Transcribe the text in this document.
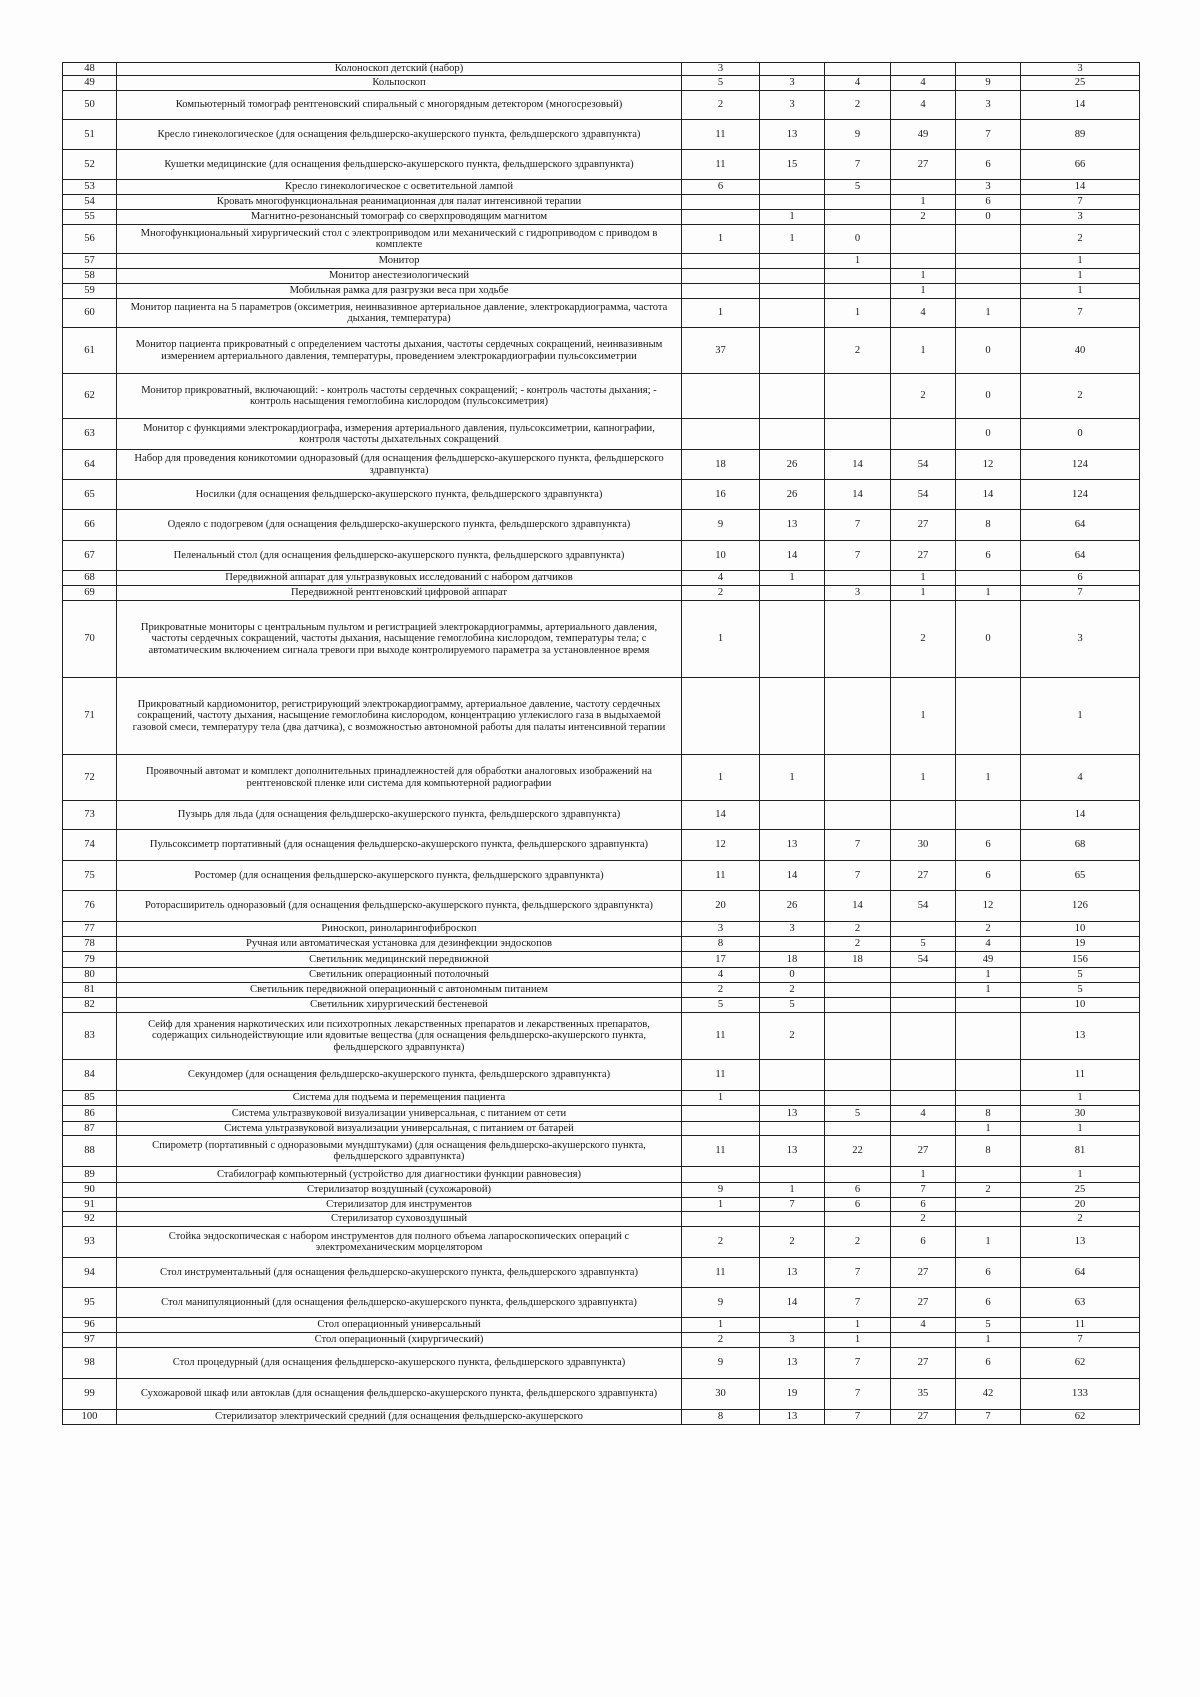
48	Колоноскоп детский (набор)	3					3
49	Кольпоскоп	5	3	4	4	9	25
50	Компьютерный томограф рентгеновский спиральный с многорядным детектором (многосрезовый)	2	3	2	4	3	14
51	Кресло гинекологическое (для оснащения фельдшерско-акушерского пункта, фельдшерского здравпункта)	11	13	9	49	7	89
52	Кушетки медицинские (для оснащения фельдшерско-акушерского пункта, фельдшерского здравпункта)	11	15	7	27	6	66
53	Кресло гинекологическое с осветительной лампой	6		5		3	14
54	Кровать многофункциональная реанимационная для палат интенсивной терапии				1	6	7
55	Магнитно-резонансный томограф со сверхпроводящим магнитом		1		2	0	3
56	Многофункциональный хирургический стол с электроприводом или механический с гидроприводом с приводом в комплекте	1	1	0			2
57	Монитор			1			1
58	Монитор анестезиологический				1		1
59	Мобильная рамка для разгрузки веса при ходьбе				1		1
60	Монитор пациента на 5 параметров (оксиметрия, неинвазивное артериальное давление, электрокардиограмма, частота дыхания, температура)	1		1	4	1	7
61	Монитор пациента прикроватный с определением частоты дыхания, частоты сердечных сокращений, неинвазивным измерением артериального давления, температуры, проведением электрокардиографии пульсоксиметрии	37		2	1	0	40
62	Монитор прикроватный, включающий: - контроль частоты сердечных сокращений; - контроль частоты дыхания; - контроль насыщения гемоглобина кислородом (пульсоксиметрия)				2	0	2
63	Монитор с функциями электрокардиографа, измерения артериального давления, пульсоксиметрии, капнографии, контроля частоты дыхательных сокращений					0	0
64	Набор для проведения коникотомии одноразовый (для оснащения фельдшерско-акушерского пункта, фельдшерского здравпункта)	18	26	14	54	12	124
65	Носилки (для оснащения фельдшерско-акушерского пункта, фельдшерского здравпункта)	16	26	14	54	14	124
66	Одеяло с подогревом (для оснащения фельдшерско-акушерского пункта, фельдшерского здравпункта)	9	13	7	27	8	64
67	Пеленальный стол (для оснащения фельдшерско-акушерского пункта, фельдшерского здравпункта)	10	14	7	27	6	64
68	Передвижной аппарат для ультразвуковых исследований с набором датчиков	4	1		1		6
69	Передвижной рентгеновский цифровой аппарат	2		3	1	1	7
70	Прикроватные мониторы с центральным пультом и регистрацией электрокардиограммы, артериального давления, частоты сердечных сокращений, частоты дыхания, насыщение гемоглобина кислородом, температуры тела; с автоматическим включением сигнала тревоги при выходе контролируемого параметра за установленное время	1			2	0	3
71	Прикроватный кардиомонитор, регистрирующий электрокардиограмму, артериальное давление, частоту сердечных сокращений, частоту дыхания, насыщение гемоглобина кислородом, концентрацию углекислого газа в выдыхаемой газовой смеси, температуру тела (два датчика), с возможностью автономной работы для палаты интенсивной терапии				1		1
72	Проявочный автомат и комплект дополнительных принадлежностей для обработки аналоговых изображений на рентгеновской пленке или система для компьютерной радиографии	1	1		1	1	4
73	Пузырь для льда (для оснащения фельдшерско-акушерского пункта, фельдшерского здравпункта)	14					14
74	Пульсоксиметр портативный (для оснащения фельдшерско-акушерского пункта, фельдшерского здравпункта)	12	13	7	30	6	68
75	Ростомер (для оснащения фельдшерско-акушерского пункта, фельдшерского здравпункта)	11	14	7	27	6	65
76	Роторасширитель одноразовый (для оснащения фельдшерско-акушерского пункта, фельдшерского здравпункта)	20	26	14	54	12	126
77	Риноскоп, риноларингофиброскоп	3	3	2		2	10
78	Ручная или автоматическая установка для дезинфекции эндоскопов	8		2	5	4	19
79	Светильник медицинский передвижной	17	18	18	54	49	156
80	Светильник операционный потолочный	4	0			1	5
81	Светильник передвижной операционный с автономным питанием	2	2			1	5
82	Светильник хирургический бестеневой	5	5				10
83	Сейф для хранения наркотических или психотропных лекарственных препаратов и лекарственных препаратов, содержащих сильнодействующие или ядовитые вещества (для оснащения фельдшерско-акушерского пункта, фельдшерского здравпункта)	11	2				13
84	Секундомер (для оснащения фельдшерско-акушерского пункта, фельдшерского здравпункта)	11					11
85	Система для подъема и перемещения пациента	1					1
86	Система ультразвуковой визуализации универсальная, с питанием от сети		13	5	4	8	30
87	Система ультразвуковой визуализации универсальная, с питанием от батарей					1	1
88	Спирометр (портативный с одноразовыми мундштуками) (для оснащения фельдшерско-акушерского пункта, фельдшерского здравпункта)	11	13	22	27	8	81
89	Стабилограф компьютерный (устройство для диагностики функции равновесия)				1		1
90	Стерилизатор воздушный (сухожаровой)	9	1	6	7	2	25
91	Стерилизатор для инструментов	1	7	6	6		20
92	Стерилизатор суховоздушный				2		2
93	Стойка эндоскопическая с набором инструментов для полного объема лапароскопических операций с электромеханическим морцелятором	2	2	2	6	1	13
94	Стол инструментальный (для оснащения фельдшерско-акушерского пункта, фельдшерского здравпункта)	11	13	7	27	6	64
95	Стол манипуляционный (для оснащения фельдшерско-акушерского пункта, фельдшерского здравпункта)	9	14	7	27	6	63
96	Стол операционный универсальный	1		1	4	5	11
97	Стол операционный (хирургический)	2	3	1		1	7
98	Стол процедурный (для оснащения фельдшерско-акушерского пункта, фельдшерского здравпункта)	9	13	7	27	6	62
99	Сухожаровой шкаф или автоклав (для оснащения фельдшерско-акушерского пункта, фельдшерского здравпункта)	30	19	7	35	42	133
100	Стерилизатор электрический средний (для оснащения фельдшерско-акушерского	8	13	7	27	7	62
